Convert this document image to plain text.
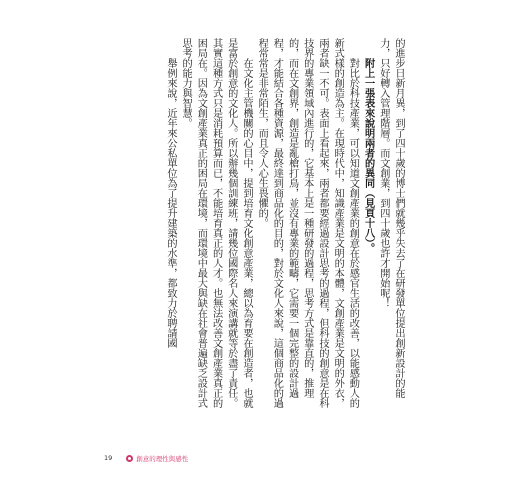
的進步日新月異，到了四十歲的博士們就幾乎失去了在研發單位提出創新設計的能力，只好轉入管理階層。而文創業，到四十歲也許才開始呢！

附上一張表來說明兩者的異同（見頁十八）。

對比於科技產業，可以知道文創產業的創意在於感官生活的改善，以能感動人的新式樣的創造為主。在現時代中，知識產業是文明的本體，文創產業是文明的外衣，兩者缺一不可。表面上看起來，兩者都要經過設計思考的過程，但科技的創意是在科技界的專業領域內進行的，它基本上是一種研發的過程，思考方式是靠直的，推理的，而在文創界，創造是亂槍打鳥，並沒有專業的範疇，它需要一個完整的設計過程，才能結合各種資源，最終達到商品化的目的，對於文化人來說，這個商品化的過程常常是非常陌生，而且令人心生畏懼的。

在文化主管機關的心目中，提到培育文化創意產業，總以為育要在創造者，也就是富於創意的文化人。所以辦幾個訓練班，請幾位國際名人來演講就等於盡了責任。其實這種方式只是消耗預算而已，不能培育真正的人才。也無法改善文創產業真正的困局在。因為文創產業真正的困局在環境，而環境中最大與缺在社會普遍缺乏設計式思考的能力與智慧。

舉例來說，近年來公私單位為了提升建築的水準，都致力於聘請國

19	創意的理性與感性
